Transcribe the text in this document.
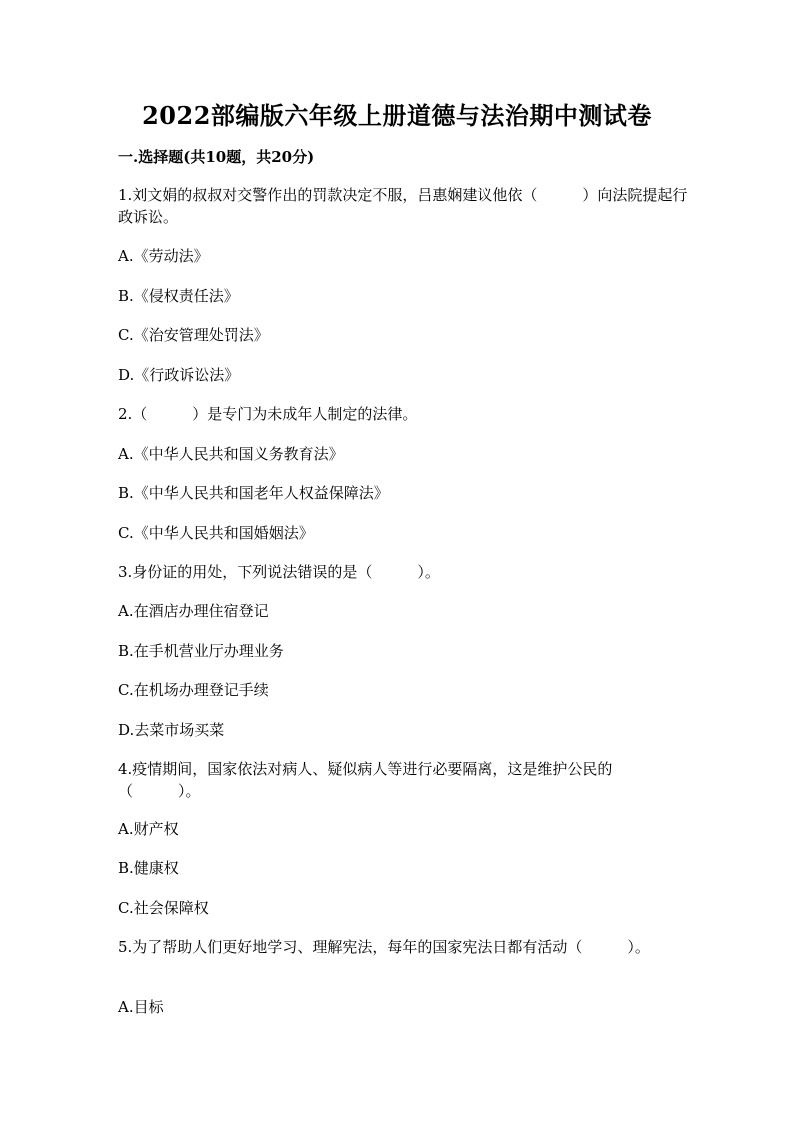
2022部编版六年级上册道德与法治期中测试卷
一.选择题(共10题，共20分)
1.刘文娟的叔叔对交警作出的罚款决定不服，吕惠娴建议他依（　　　）向法院提起行政诉讼。
A.《劳动法》
B.《侵权责任法》
C.《治安管理处罚法》
D.《行政诉讼法》
2.（　　　）是专门为未成年人制定的法律。
A.《中华人民共和国义务教育法》
B.《中华人民共和国老年人权益保障法》
C.《中华人民共和国婚姻法》
3.身份证的用处，下列说法错误的是（　　　）。
A.在酒店办理住宿登记
B.在手机营业厅办理业务
C.在机场办理登记手续
D.去菜市场买菜
4.疫情期间，国家依法对病人、疑似病人等进行必要隔离，这是维护公民的（　　　）。
A.财产权
B.健康权
C.社会保障权
5.为了帮助人们更好地学习、理解宪法，每年的国家宪法日都有活动（　　　）。
A.目标
